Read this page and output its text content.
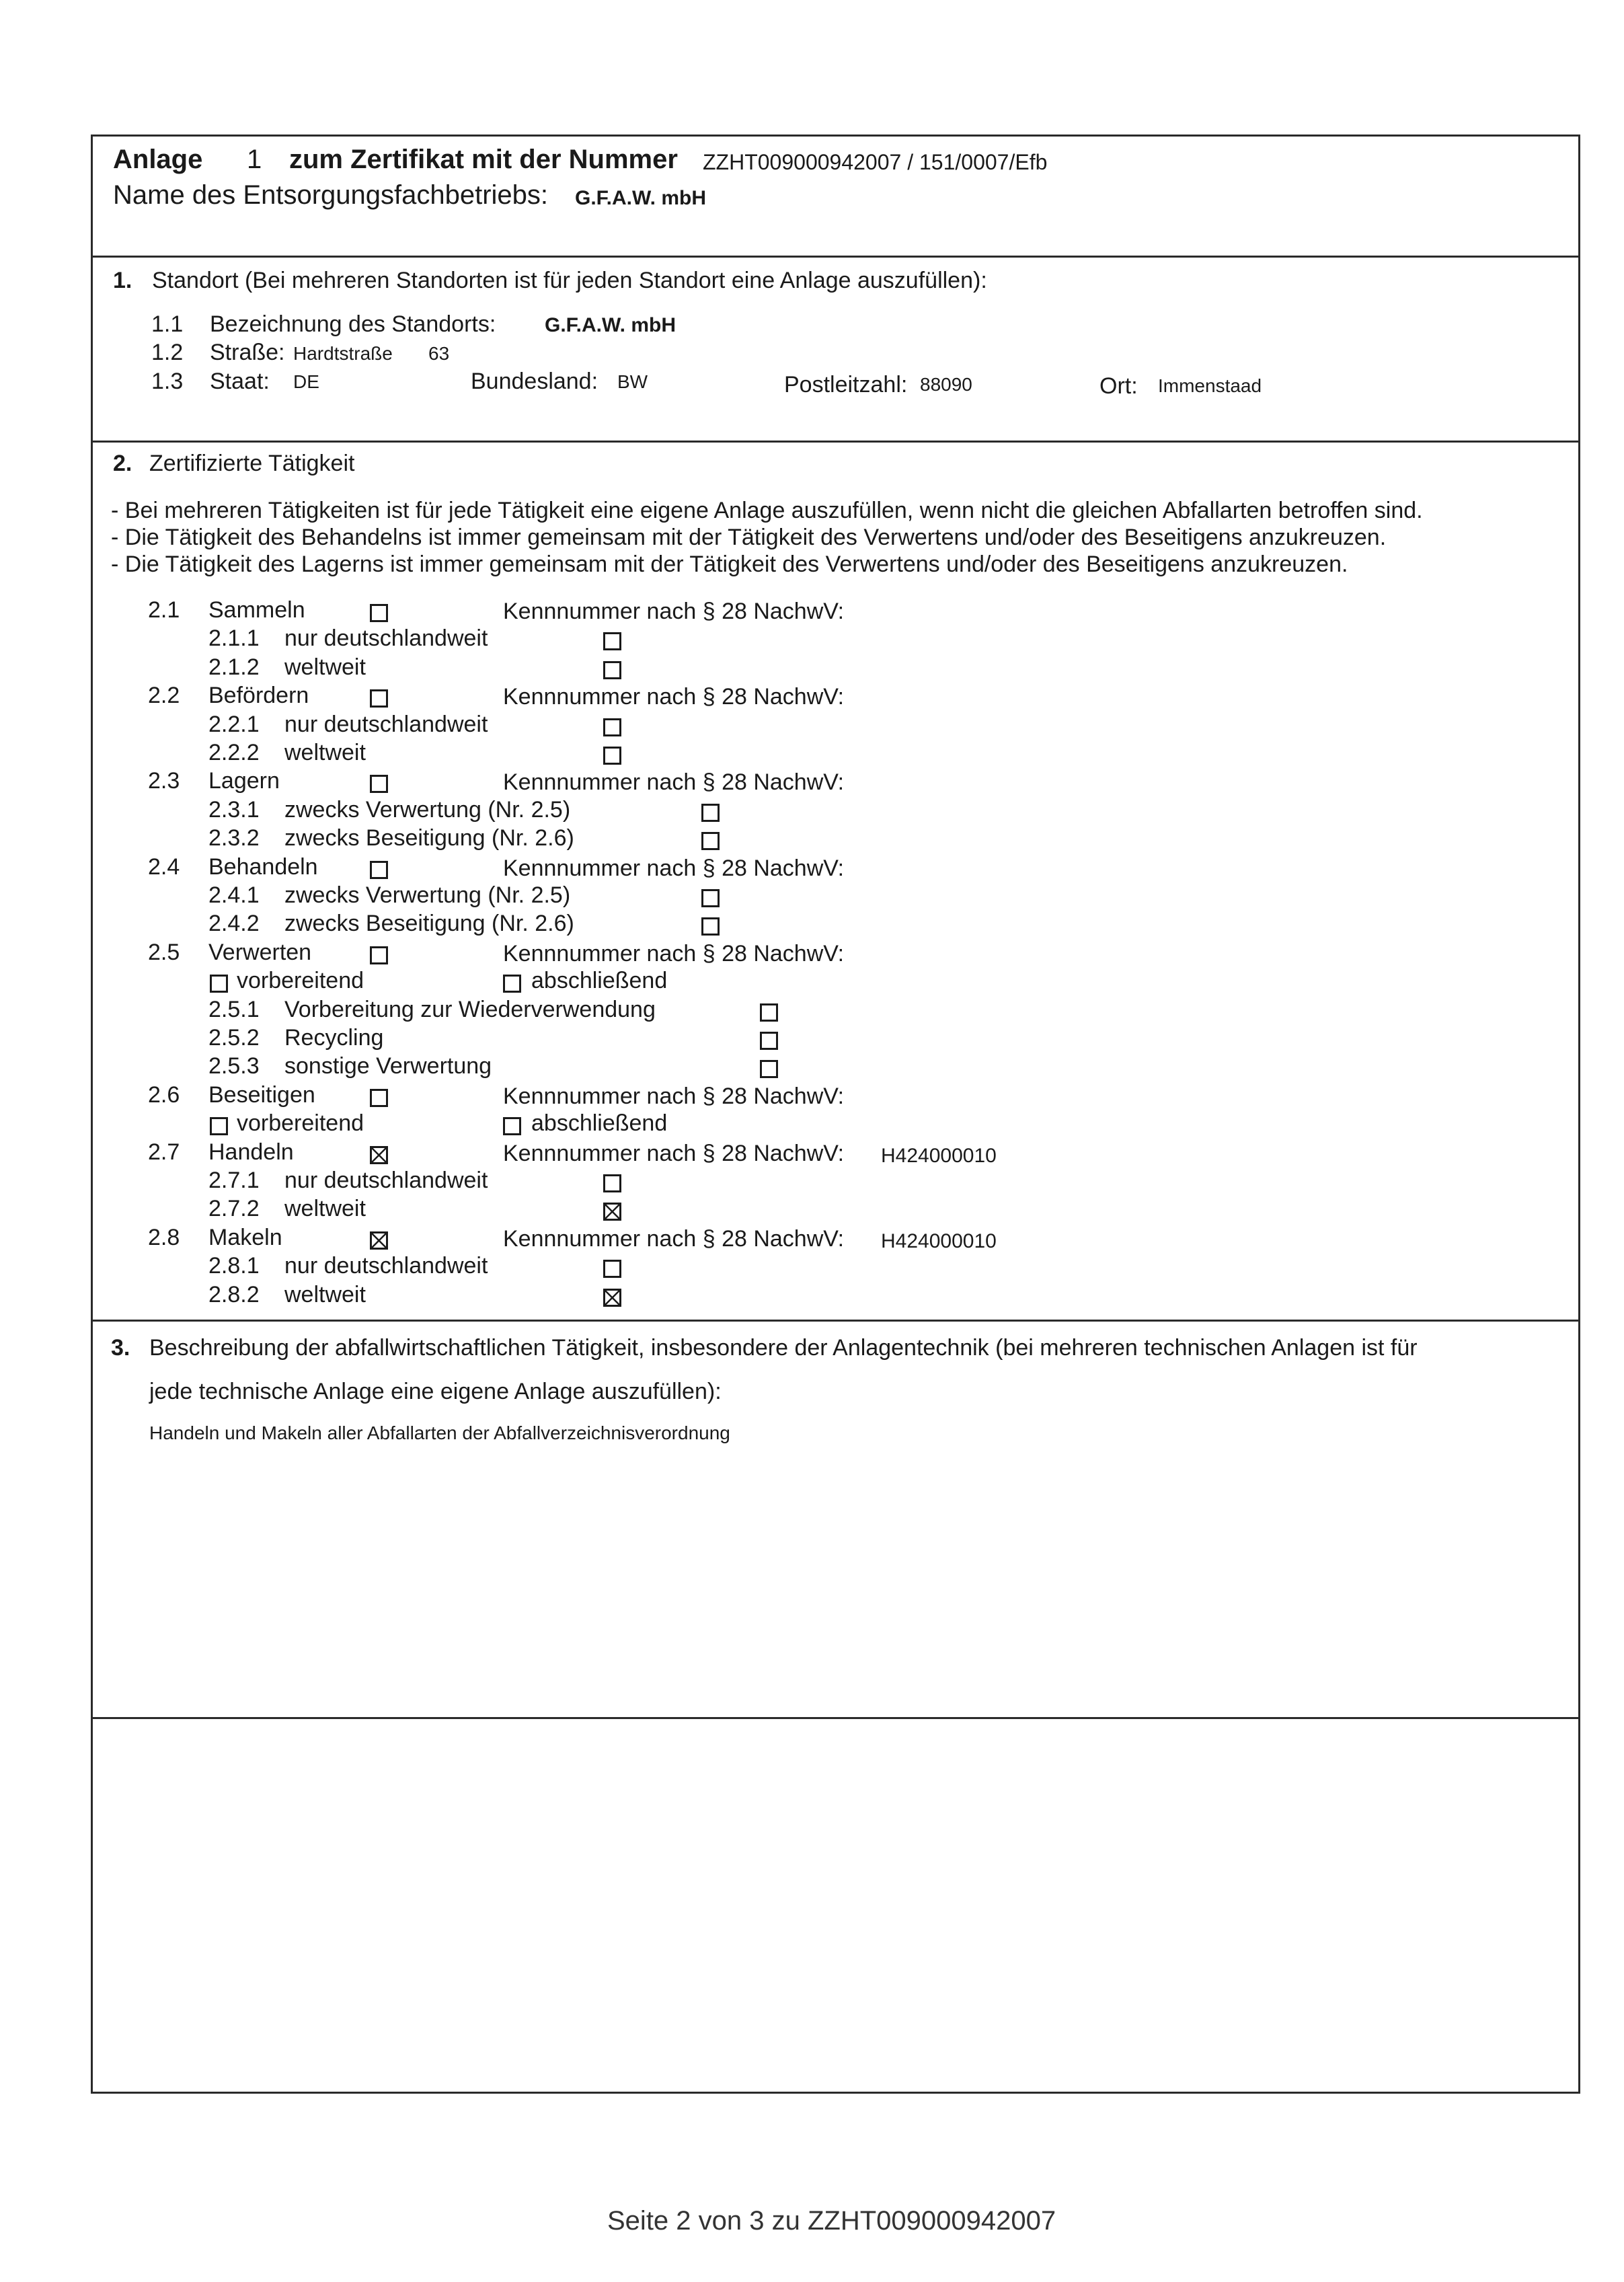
Anlage 1 zum Zertifikat mit der Nummer ZZHT009000942007 / 151/0007/Efb
Name des Entsorgungsfachbetriebs: G.F.A.W. mbH
1. Standort (Bei mehreren Standorten ist für jeden Standort eine Anlage auszufüllen):
1.1 Bezeichnung des Standorts: G.F.A.W. mbH
1.2 Straße: Hardtstraße 63
1.3 Staat: DE	Bundesland: BW	Postleitzahl: 88090	Ort: Immenstaad
2. Zertifizierte Tätigkeit
- Bei mehreren Tätigkeiten ist für jede Tätigkeit eine eigene Anlage auszufüllen, wenn nicht die gleichen Abfallarten betroffen sind.
- Die Tätigkeit des Behandelns ist immer gemeinsam mit der Tätigkeit des Verwertens und/oder des Beseitigens anzukreuzen.
- Die Tätigkeit des Lagerns ist immer gemeinsam mit der Tätigkeit des Verwertens und/oder des Beseitigens anzukreuzen.
2.1 Sammeln	Kennnummer nach § 28 NachwV:
2.1.1 nur deutschlandweit
2.1.2 weltweit
2.2 Befördern	Kennnummer nach § 28 NachwV:
2.2.1 nur deutschlandweit
2.2.2 weltweit
2.3 Lagern	Kennnummer nach § 28 NachwV:
2.3.1 zwecks Verwertung (Nr. 2.5)
2.3.2 zwecks Beseitigung (Nr. 2.6)
2.4 Behandeln	Kennnummer nach § 28 NachwV:
2.4.1 zwecks Verwertung (Nr. 2.5)
2.4.2 zwecks Beseitigung (Nr. 2.6)
2.5 Verwerten	Kennnummer nach § 28 NachwV:
vorbereitend	abschließend
2.5.1 Vorbereitung zur Wiederverwendung
2.5.2 Recycling
2.5.3 sonstige Verwertung
2.6 Beseitigen	Kennnummer nach § 28 NachwV:
vorbereitend	abschließend
2.7 Handeln	Kennnummer nach § 28 NachwV: H424000010
2.7.1 nur deutschlandweit
2.7.2 weltweit
2.8 Makeln	Kennnummer nach § 28 NachwV: H424000010
2.8.1 nur deutschlandweit
2.8.2 weltweit
3. Beschreibung der abfallwirtschaftlichen Tätigkeit, insbesondere der Anlagentechnik (bei mehreren technischen Anlagen ist für
jede technische Anlage eine eigene Anlage auszufüllen):
Handeln und Makeln aller Abfallarten der Abfallverzeichnisverordnung
Seite 2 von 3 zu ZZHT009000942007
